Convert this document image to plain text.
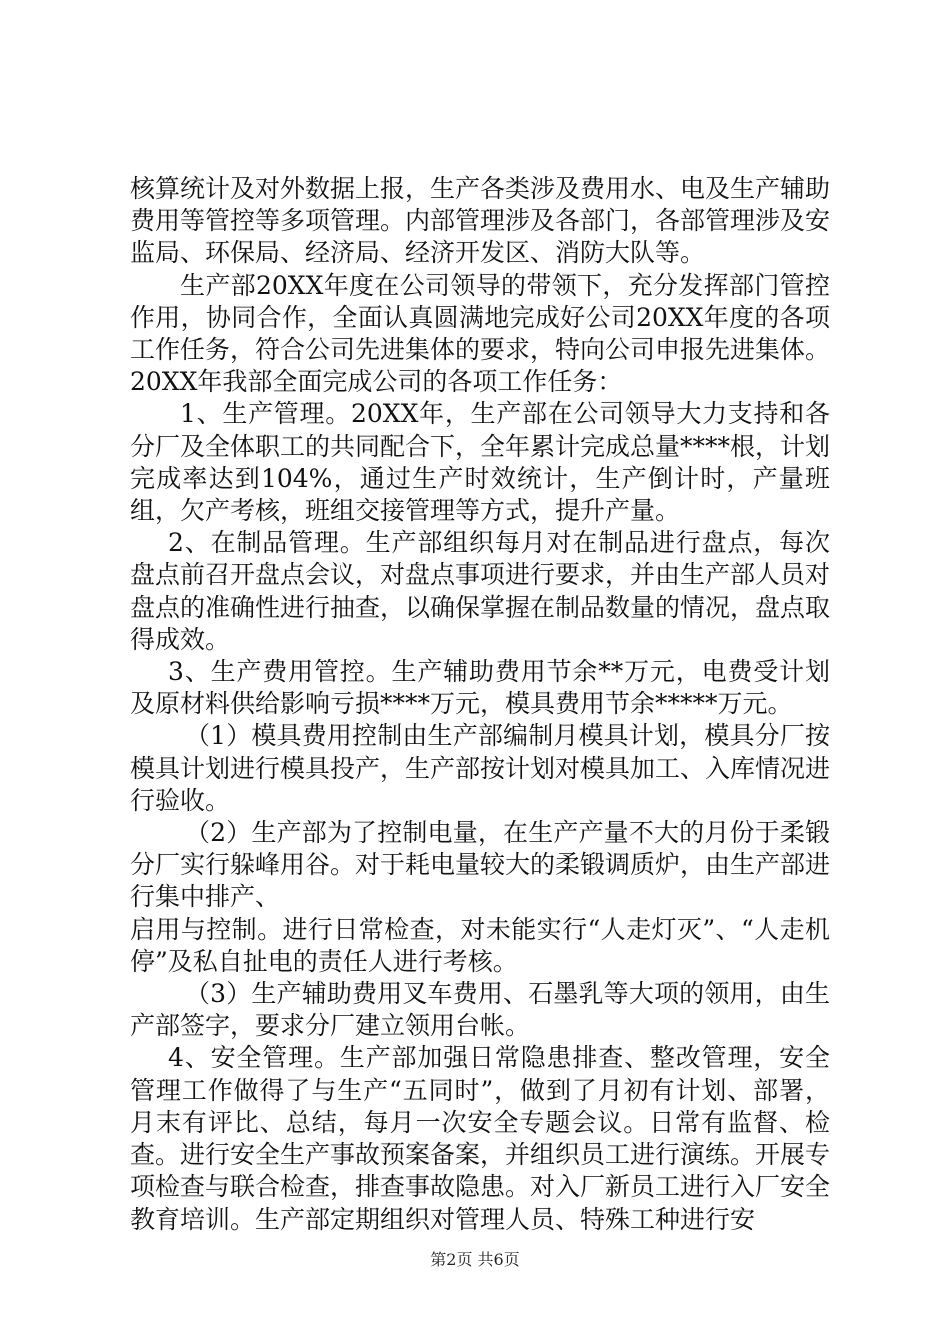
核算统计及对外数据上报，生产各类涉及费用水、电及生产辅助费用等管控等多项管理。内部管理涉及各部门，各部管理涉及安监局、环保局、经济局、经济开发区、消防大队等。

生产部20XX年度在公司领导的带领下，充分发挥部门管控作用，协同合作，全面认真圆满地完成好公司20XX年度的各项工作任务，符合公司先进集体的要求，特向公司申报先进集体。20XX年我部全面完成公司的各项工作任务：

1、生产管理。20XX年，生产部在公司领导大力支持和各分厂及全体职工的共同配合下，全年累计完成总量****根，计划完成率达到104%，通过生产时效统计，生产倒计时，产量班组，欠产考核，班组交接管理等方式，提升产量。

2、在制品管理。生产部组织每月对在制品进行盘点，每次盘点前召开盘点会议，对盘点事项进行要求，并由生产部人员对盘点的准确性进行抽查，以确保掌握在制品数量的情况，盘点取得成效。

3、生产费用管控。生产辅助费用节余**万元，电费受计划及原材料供给影响亏损****万元，模具费用节余*****万元。

（1）模具费用控制由生产部编制月模具计划，模具分厂按模具计划进行模具投产，生产部按计划对模具加工、入库情况进行验收。

（2）生产部为了控制电量，在生产产量不大的月份于柔锻分厂实行躲峰用谷。对于耗电量较大的柔锻调质炉，由生产部进行集中排产、

启用与控制。进行日常检查，对未能实行“人走灯灭”、“人走机停”及私自扯电的责任人进行考核。

（3）生产辅助费用叉车费用、石墨乳等大项的领用，由生产部签字，要求分厂建立领用台帐。

4、安全管理。生产部加强日常隐患排查、整改管理，安全管理工作做得了与生产“五同时”，做到了月初有计划、部署，月末有评比、总结，每月一次安全专题会议。日常有监督、检查。进行安全生产事故预案备案，并组织员工进行演练。开展专项检查与联合检查，排查事故隐患。对入厂新员工进行入厂安全教育培训。生产部定期组织对管理人员、特殊工种进行安

第2页 共6页
